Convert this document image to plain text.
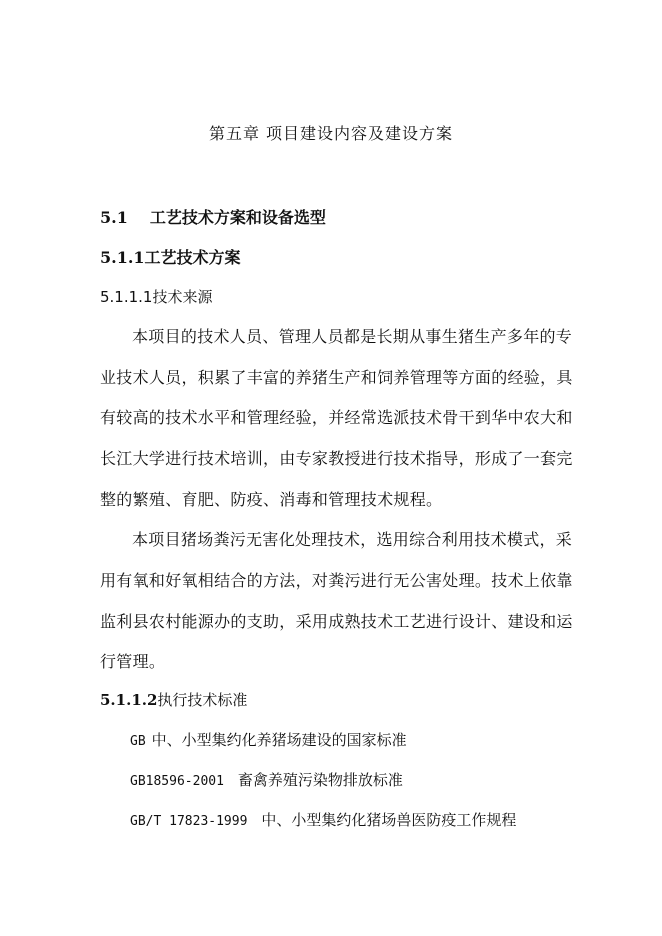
第五章 项目建设内容及建设方案
5.1 工艺技术方案和设备选型
5.1.1工艺技术方案
5.1.1.1技术来源
本项目的技术人员、管理人员都是长期从事生猪生产多年的专
业技术人员，积累了丰富的养猪生产和饲养管理等方面的经验，具
有较高的技术水平和管理经验，并经常选派技术骨干到华中农大和
长江大学进行技术培训，由专家教授进行技术指导，形成了一套完
整的繁殖、育肥、防疫、消毒和管理技术规程。
本项目猪场粪污无害化处理技术，选用综合利用技术模式，采
用有氧和好氧相结合的方法，对粪污进行无公害处理。技术上依靠
监利县农村能源办的支助，采用成熟技术工艺进行设计、建设和运
行管理。
5.1.1.2执行技术标准
GB 中、小型集约化养猪场建设的国家标准
GB18596-2001 畜禽养殖污染物排放标准
GB/T 17823-1999 中、小型集约化猪场兽医防疫工作规程
